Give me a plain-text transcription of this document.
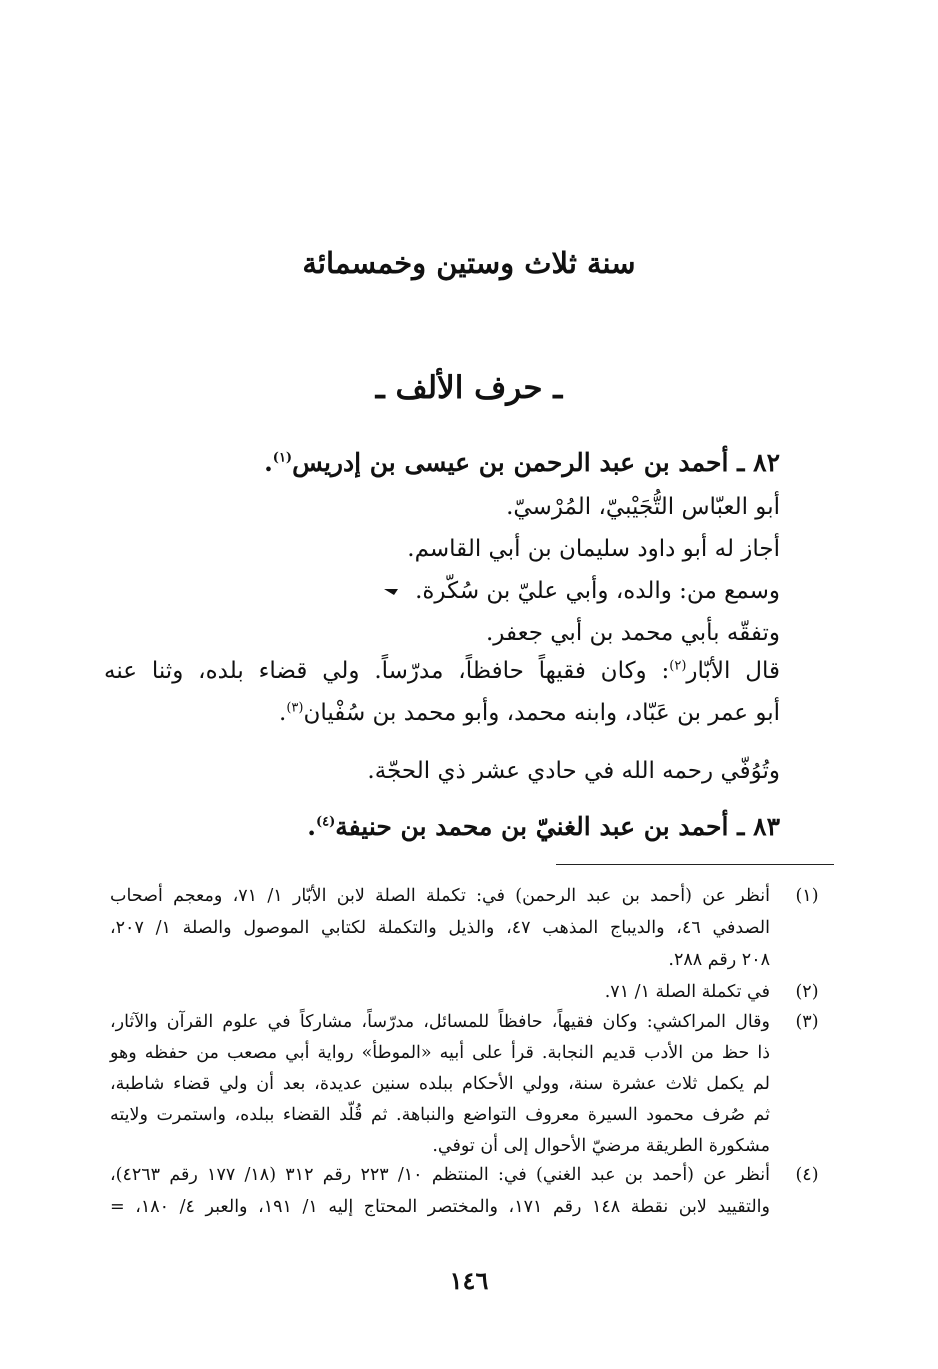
سنة ثلاث وستين وخمسمائة
ـ حرف الألف ـ
٨٢ ـ أحمد بن عبد الرحمن بن عيسى بن إدريس$^{(١)}$.
أبو العبّاس التُّجَيْبيّ، المُرْسيّ.
أجاز له أبو داود سليمان بن أبي القاسم.
وسمع من: والده، وأبي عليّ بن سُكّرة.
وتفقّه بأبي محمد بن أبي جعفر.
قال الأبّار$^{(٢)}$: وكان فقيهاً حافظاً، مدرّساً. ولي قضاء بلده، وثنا عنه
أبو عمر بن عَبّاد، وابنه محمد، وأبو محمد بن سُفْيان$^{(٣)}$.
وتُوُفّي رحمه الله في حادي عشر ذي الحجّة.
٨٣ ـ أحمد بن عبد الغنيّ بن محمد بن حنيفة$^{(٤)}$.
(١)
أنظر عن (أحمد بن عبد الرحمن) في: تكملة الصلة لابن الأبّار ١/ ٧١، ومعجم أصحاب
الصدفي ٤٦، والديباج المذهب ٤٧، والذيل والتكملة لكتابي الموصول والصلة ١/ ٢٠٧،
٢٠٨ رقم ٢٨٨.
(٢)
في تكملة الصلة ١/ ٧١.
(٣)
وقال المراكشي: وكان فقيهاً، حافظاً للمسائل، مدرّساً، مشاركاً في علوم القرآن والآثار،
ذا حظ من الأدب قديم النجابة. قرأ على أبيه «الموطأ» رواية أبي مصعب من حفظه وهو
لم يكمل ثلاث عشرة سنة، وولي الأحكام ببلده سنين عديدة، بعد أن ولي قضاء شاطبة،
ثم صُرف محمود السيرة معروف التواضع والنباهة. ثم قُلّد القضاء ببلده، واستمرت ولايته
مشكورة الطريقة مرضيّ الأحوال إلى أن توفي.
(٤)
أنظر عن (أحمد بن عبد الغني) في: المنتظم ١٠/ ٢٢٣ رقم ٣١٢ (١٨/ ١٧٧ رقم ٤٢٦٣)،
والتقييد لابن نقطة ١٤٨ رقم ١٧١، والمختصر المحتاج إليه ١/ ١٩١، والعبر ٤/ ١٨٠، =
١٤٦
